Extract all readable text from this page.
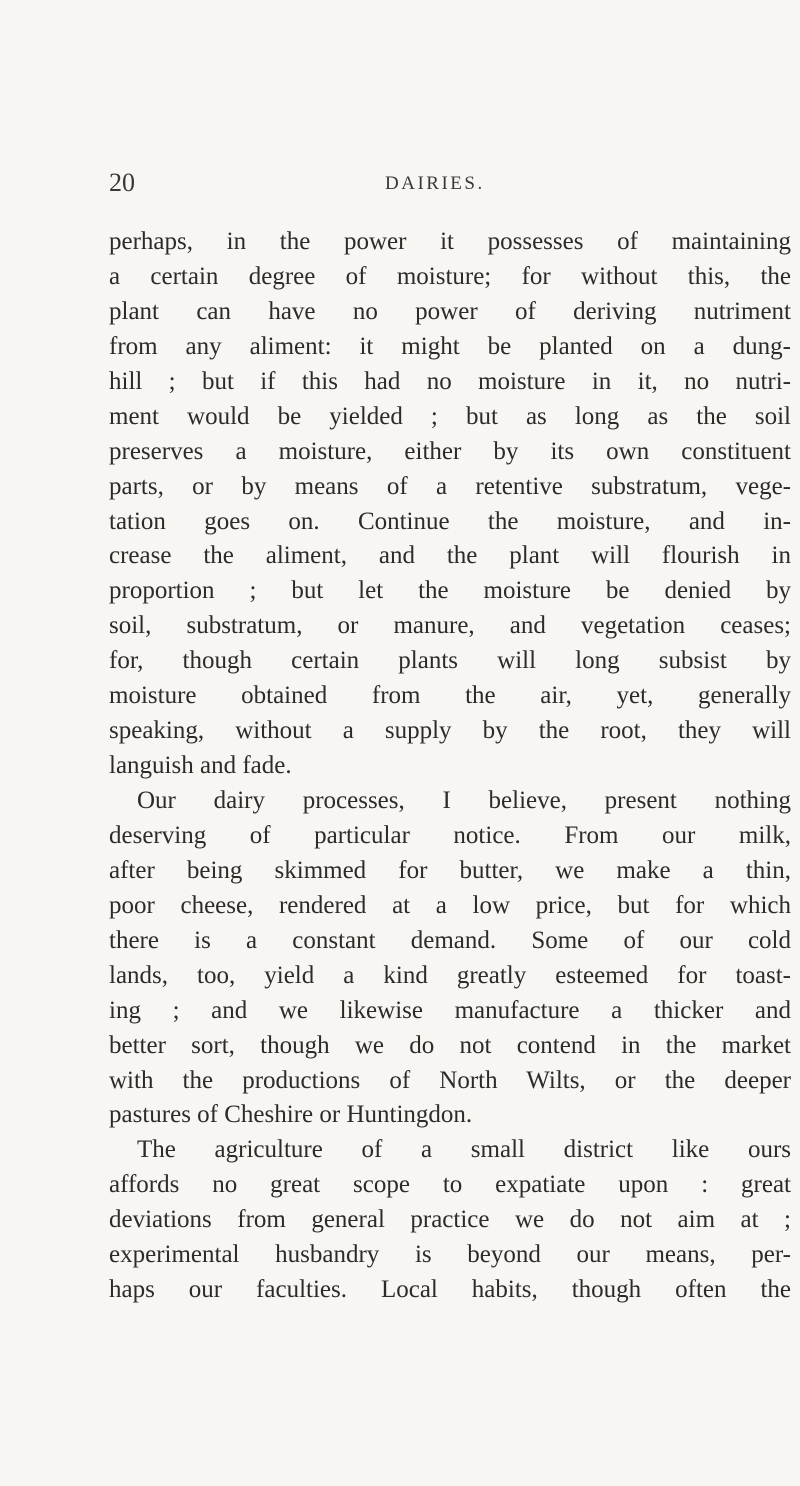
20	DAIRIES.
perhaps, in the power it possesses of maintaining
a certain degree of moisture; for without this, the
plant can have no power of deriving nutriment
from any aliment: it might be planted on a dung-
hill ; but if this had no moisture in it, no nutri-
ment would be yielded ; but as long as the soil
preserves a moisture, either by its own constituent
parts, or by means of a retentive substratum, vege-
tation goes on. Continue the moisture, and in-
crease the aliment, and the plant will flourish in
proportion ; but let the moisture be denied by
soil, substratum, or manure, and vegetation ceases;
for, though certain plants will long subsist by
moisture obtained from the air, yet, generally
speaking, without a supply by the root, they will
languish and fade.
Our dairy processes, I believe, present nothing
deserving of particular notice. From our milk,
after being skimmed for butter, we make a thin,
poor cheese, rendered at a low price, but for which
there is a constant demand. Some of our cold
lands, too, yield a kind greatly esteemed for toast-
ing ; and we likewise manufacture a thicker and
better sort, though we do not contend in the market
with the productions of North Wilts, or the deeper
pastures of Cheshire or Huntingdon.
The agriculture of a small district like ours
affords no great scope to expatiate upon : great
deviations from general practice we do not aim at ;
experimental husbandry is beyond our means, per-
haps our faculties. Local habits, though often the
